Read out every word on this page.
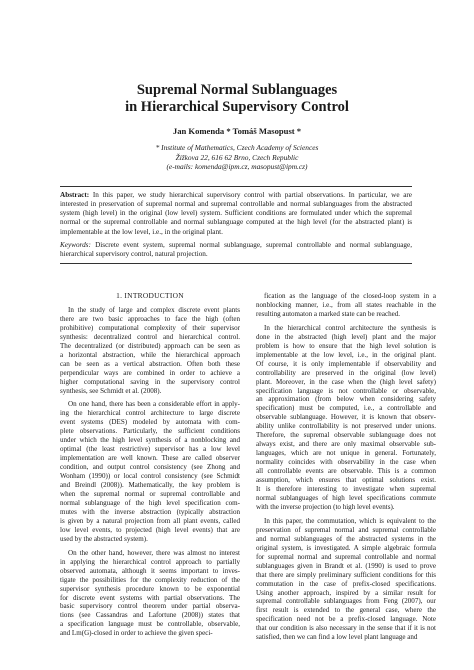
Supremal Normal Sublanguages
in Hierarchical Supervisory Control
Jan Komenda * Tomáš Masopust *
* Institute of Mathematics, Czech Academy of Sciences
Žižkova 22, 616 62 Brno, Czech Republic
(e-mails: komenda@ipm.cz, masopust@ipm.cz)
Abstract: In this paper, we study hierarchical supervisory control with partial observations. In particular, we are interested in preservation of supremal normal and supremal controllable and normal sublanguages from the abstracted system (high level) in the original (low level) system. Sufficient conditions are formulated under which the supremal normal or the supremal controllable and normal sublanguage computed at the high level (for the abstracted plant) is implementable at the low level, i.e., in the original plant.
Keywords: Discrete event system, supremal normal sublanguage, supremal controllable and normal sublanguage, hierarchical supervisory control, natural projection.
1. INTRODUCTION
In the study of large and complex discrete event plants
there are two basic approaches to face the high (often
prohibitive) computational complexity of their supervisor
synthesis: decentralized control and hierarchical control.
The decentralized (or distributed) approach can be seen as
a horizontal abstraction, while the hierarchical approach
can be seen as a vertical abstraction. Often both these
perpendicular ways are combined in order to achieve a
higher computational saving in the supervisory control
synthesis, see Schmidt et al. (2008).
On one hand, there has been a considerable effort in apply-
ing the hierarchical control architecture to large discrete
event systems (DES) modeled by automata with com-
plete observations. Particularly, the sufficient conditions
under which the high level synthesis of a nonblocking and
optimal (the least restrictive) supervisor has a low level
implementation are well known. These are called observer
condition, and output control consistency (see Zhong and
Wonham (1990)) or local control consistency (see Schmidt
and Breindl (2008)). Mathematically, the key problem is
when the supremal normal or supremal controllable and
normal sublanguage of the high level specification com-
mutes with the inverse abstraction (typically abstraction
is given by a natural projection from all plant events, called
low level events, to projected (high level events) that are
used by the abstracted system).
On the other hand, however, there was almost no interest
in applying the hierarchical control approach to partially
observed automata, although it seems important to inves-
tigate the possibilities for the complexity reduction of the
supervisor synthesis procedure known to be exponential
for discrete event systems with partial observations. The
basic supervisory control theorem under partial observa-
tions (see Cassandras and Lafortune (2008)) states that
a specification language must be controllable, observable,
and Lm(G)-closed in order to achieve the given speci-
fication as the language of the closed-loop system in a
nonblocking manner, i.e., from all states reachable in the
resulting automaton a marked state can be reached.
In the hierarchical control architecture the synthesis is
done in the abstracted (high level) plant and the major
problem is how to ensure that the high level solution is
implementable at the low level, i.e., in the original plant.
Of course, it is only implementable if observability and
controllability are preserved in the original (low level)
plant. Moreover, in the case when the (high level safety)
specification language is not controllable or observable,
an approximation (from below when considering safety
specification) must be computed, i.e., a controllable and
observable sublanguage. However, it is known that observ-
ability unlike controllability is not preserved under unions.
Therefore, the supremal observable sublanguage does not
always exist, and there are only maximal observable sub-
languages, which are not unique in general. Fortunately,
normality coincides with observability in the case when
all controllable events are observable. This is a common
assumption, which ensures that optimal solutions exist.
It is therefore interesting to investigate when supremal
normal sublanguages of high level specifications commute
with the inverse projection (to high level events).
In this paper, the commutation, which is equivalent to the
preservation of supremal normal and supremal controllable
and normal sublanguages of the abstracted systems in the
original system, is investigated. A simple algebraic formula
for supremal normal and supremal controllable and normal
sublanguages given in Brandt et al. (1990) is used to prove
that there are simply preliminary sufficient conditions for this
commutation in the case of prefix-closed specifications.
Using another approach, inspired by a similar result for
supremal controllable sublanguages from Feng (2007), our
first result is extended to the general case, where the
specification need not be a prefix-closed language. Note
that our condition is also necessary in the sense that if it is not
satisfied, then we can find a low level plant language and
